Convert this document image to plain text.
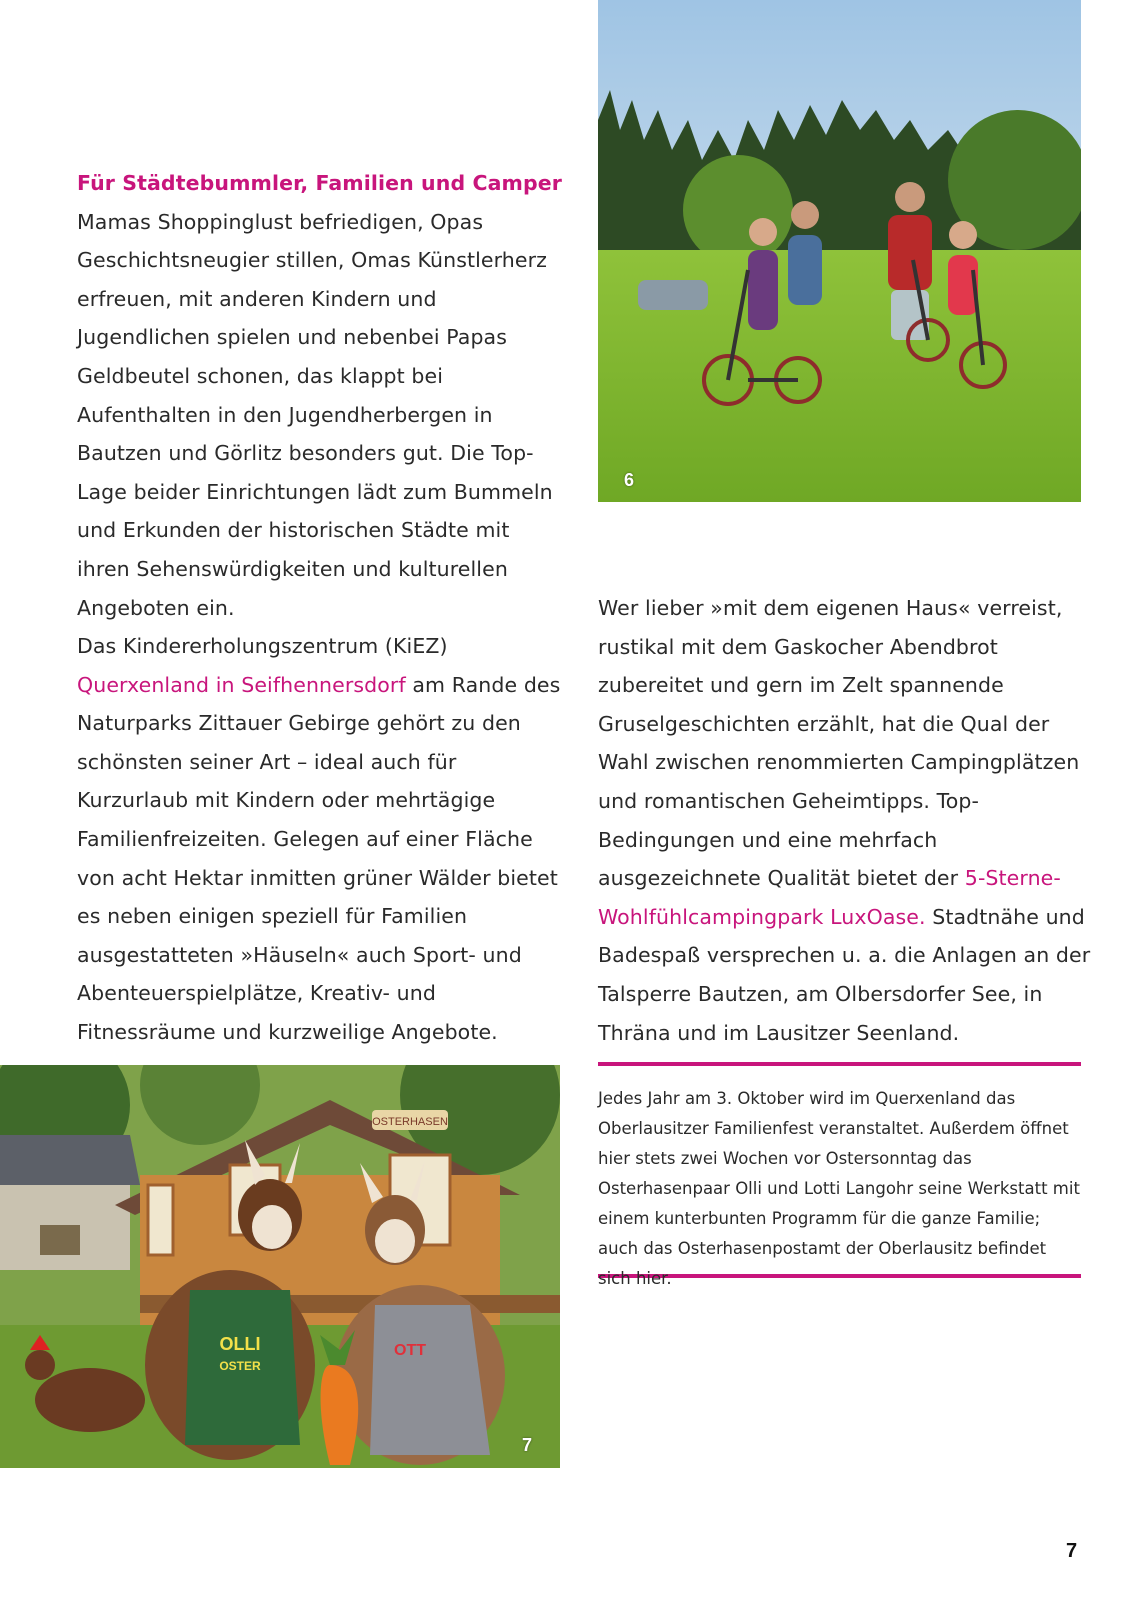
Für Städtebummler, Familien und Camper
Mamas Shoppinglust befriedigen, Opas Geschichtsneugier stillen, Omas Künstlerherz erfreuen, mit anderen Kindern und Jugendlichen spielen und nebenbei Papas Geldbeutel schonen, das klappt bei Aufenthalten in den Jugendherbergen in Bautzen und Görlitz besonders gut. Die Top-Lage beider Einrichtungen lädt zum Bummeln und Erkunden der historischen Städte mit ihren Sehenswürdigkeiten und kulturellen Angeboten ein.
Das Kindererholungszentrum (KiEZ) Querxenland in Seifhennersdorf am Rande des Naturparks Zittauer Gebirge gehört zu den schönsten seiner Art – ideal auch für Kurzurlaub mit Kindern oder mehrtägige Familienfreizeiten. Gelegen auf einer Fläche von acht Hektar inmitten grüner Wälder bietet es neben einigen speziell für Familien ausgestatteten »Häuseln« auch Sport- und Abenteuerspielplätze, Kreativ- und Fitnessräume und kurzweilige Angebote.
Wer lieber »mit dem eigenen Haus« verreist, rustikal mit dem Gaskocher Abendbrot zubereitet und gern im Zelt spannende Gruselgeschichten erzählt, hat die Qual der Wahl zwischen renommierten Campingplätzen und romantischen Geheimtipps. Top-Bedingungen und eine mehrfach ausgezeichnete Qualität bietet der 5-Sterne-Wohlfühlcampingpark LuxOase. Stadtnähe und Badespaß versprechen u. a. die Anlagen an der Talsperre Bautzen, am Olbersdorfer See, in Thräna und im Lausitzer Seenland.
6
OSTERHASEN
OLLI
OSTER
OTT
7
Jedes Jahr am 3. Oktober wird im Querxenland das Oberlausitzer Familienfest veranstaltet. Außerdem öffnet hier stets zwei Wochen vor Ostersonntag das Osterhasenpaar Olli und Lotti Langohr seine Werkstatt mit einem kunterbunten Programm für die ganze Familie; auch das Osterhasenpostamt der Oberlausitz befindet sich hier.
7
